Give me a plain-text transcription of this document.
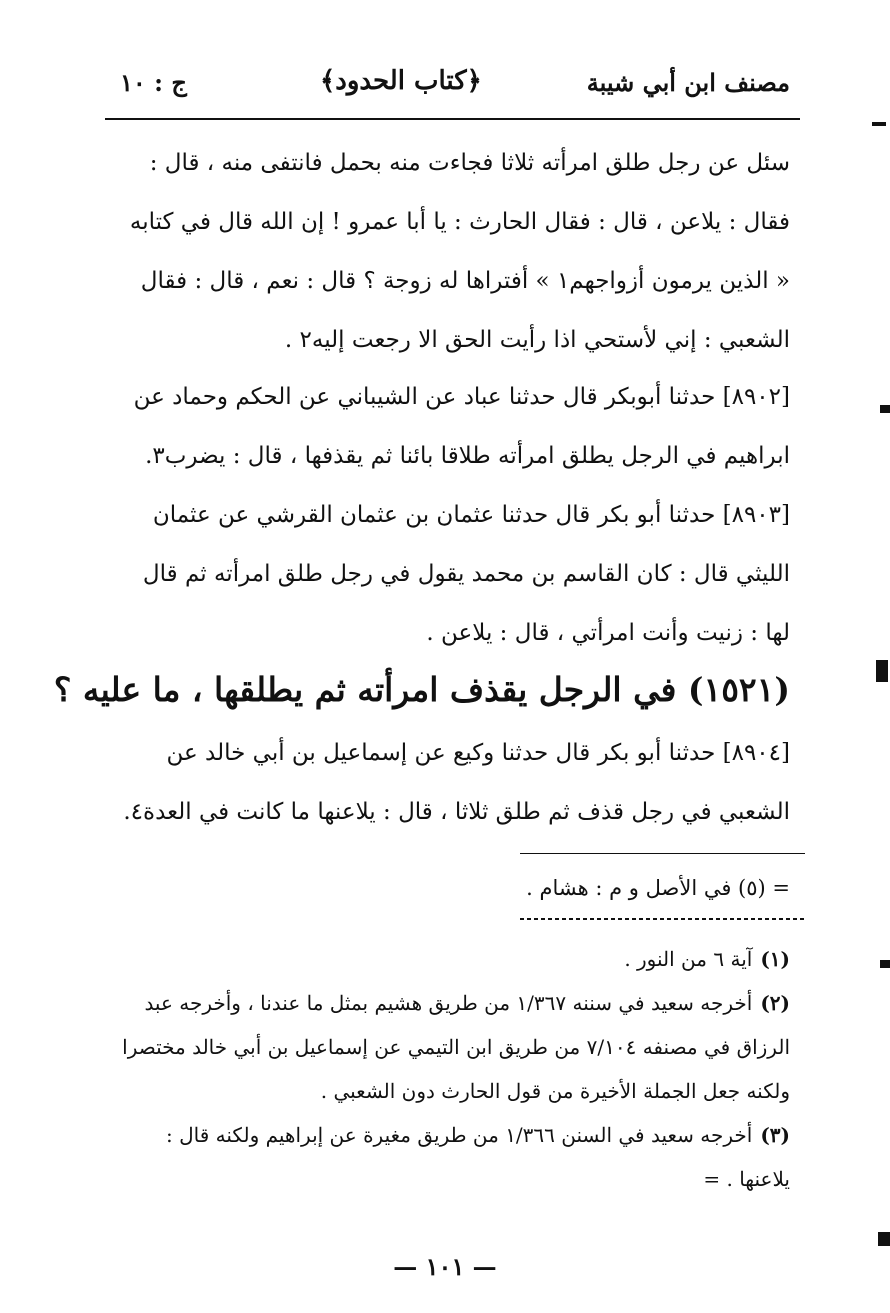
مصنف ابن أبي شيبة
﴿كتاب الحدود﴾
ج : ١٠
سئل عن رجل طلق امرأته ثلاثا فجاءت منه بحمل فانتفى منه ، قال : فقال : يلاعن ، قال : فقال الحارث : يا أبا عمرو ! إن الله قال في كتابه « الذين يرمون أزواجهم١ » أفتراها له زوجة ؟ قال : نعم ، قال : فقال الشعبي : إني لأستحي اذا رأيت الحق الا رجعت إليه٢ .
[٨٩٠٢] حدثنا أبوبكر قال حدثنا عباد عن الشيباني عن الحكم وحماد عن ابراهيم في الرجل يطلق امرأته طلاقا بائنا ثم يقذفها ، قال : يضرب٣.
[٨٩٠٣] حدثنا أبو بكر قال حدثنا عثمان بن عثمان القرشي عن عثمان الليثي قال : كان القاسم بن محمد يقول في رجل طلق امرأته ثم قال لها : زنيت وأنت امرأتي ، قال : يلاعن .
(١٥٢١) في الرجل يقذف امرأته ثم يطلقها ، ما عليه ؟
[٨٩٠٤] حدثنا أبو بكر قال حدثنا وكيع عن إسماعيل بن أبي خالد عن الشعبي في رجل قذف ثم طلق ثلاثا ، قال : يلاعنها ما كانت في العدة٤.
= (٥) في الأصل و م : هشام .

(١)آية ٦ من النور .

(٢)أخرجه سعيد في سننه ١/٣٦٧ من طريق هشيم بمثل ما عندنا ، وأخرجه عبد الرزاق في مصنفه ٧/١٠٤ من طريق ابن التيمي عن إسماعيل بن أبي خالد مختصرا ولكنه جعل الجملة الأخيرة من قول الحارث دون الشعبي .

(٣)أخرجه سعيد في السنن ١/٣٦٦ من طريق مغيرة عن إبراهيم ولكنه قال : يلاعنها . =

— ١٠١ —
